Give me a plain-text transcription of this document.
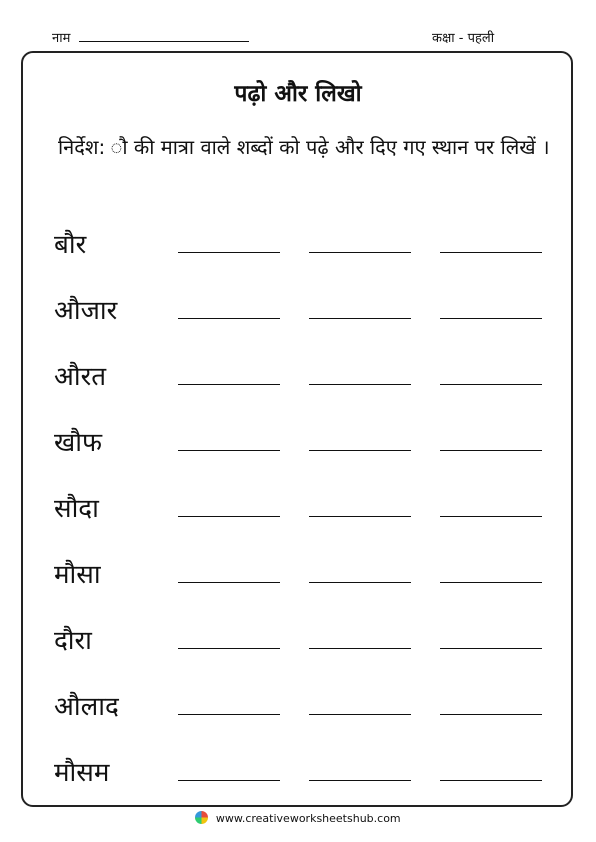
नाम	कक्षा - पहली
पढ़ो और लिखो
निर्देश: ौ की मात्रा वाले शब्दों को पढ़े और दिए गए स्थान पर लिखें ।
बौर
औजार
औरत
खौफ
सौदा
मौसा
दौरा
औलाद
मौसम
www.creativeworksheetshub.com
